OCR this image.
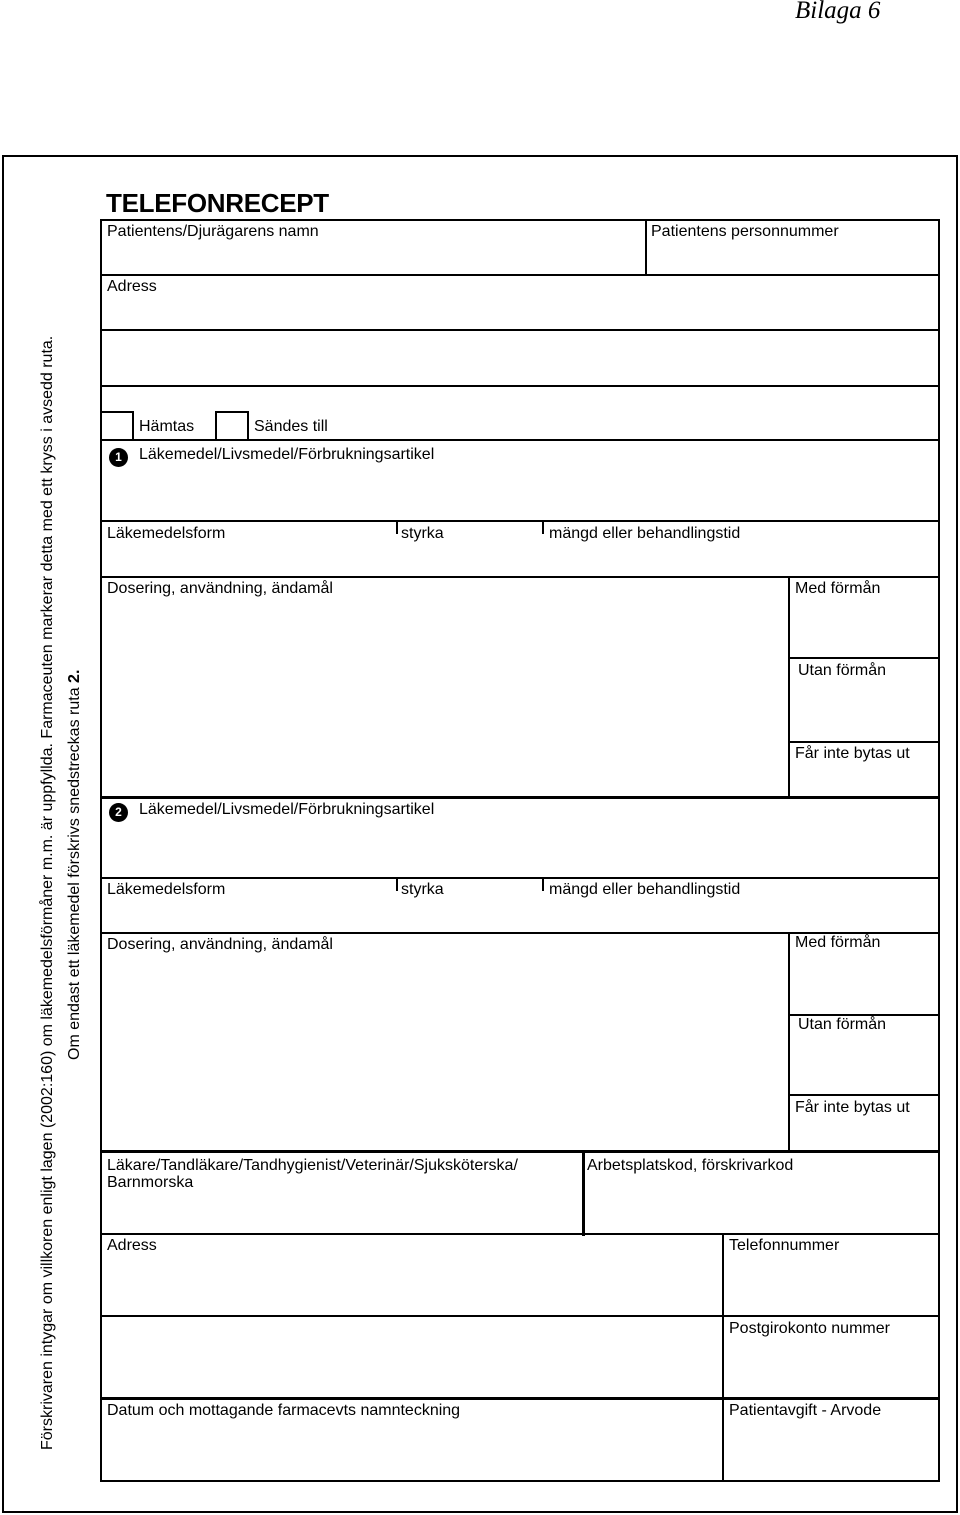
Bilaga 6
Förskrivaren intygar om villkoren enligt lagen (2002:160) om läkemedelsförmåner m.m. är uppfyllda. Farmaceuten markerar detta med ett kryss i avsedd ruta. Om endast ett läkemedel förskrivs snedstreckas ruta 2.
TELEFONRECEPT
Patientens/Djurägarens namn	Patientens personnummer
Adress
Hämtas	Sändes till
1	Läkemedel/Livsmedel/Förbrukningsartikel
Läkemedelsform	styrka	mängd eller behandlingstid
Dosering, användning, ändamål	Med förmån
Utan förmån
Får inte bytas ut
2	Läkemedel/Livsmedel/Förbrukningsartikel
Läkemedelsform	styrka	mängd eller behandlingstid
Dosering, användning, ändamål	Med förmån
Utan förmån
Får inte bytas ut
Läkare/Tandläkare/Tandhygienist/Veterinär/Sjuksköterska/
Barnmorska
Arbetsplatskod, förskrivarkod
Adress	Telefonnummer
Postgirokonto nummer
Datum och mottagande farmacevts namnteckning	Patientavgift - Arvode
